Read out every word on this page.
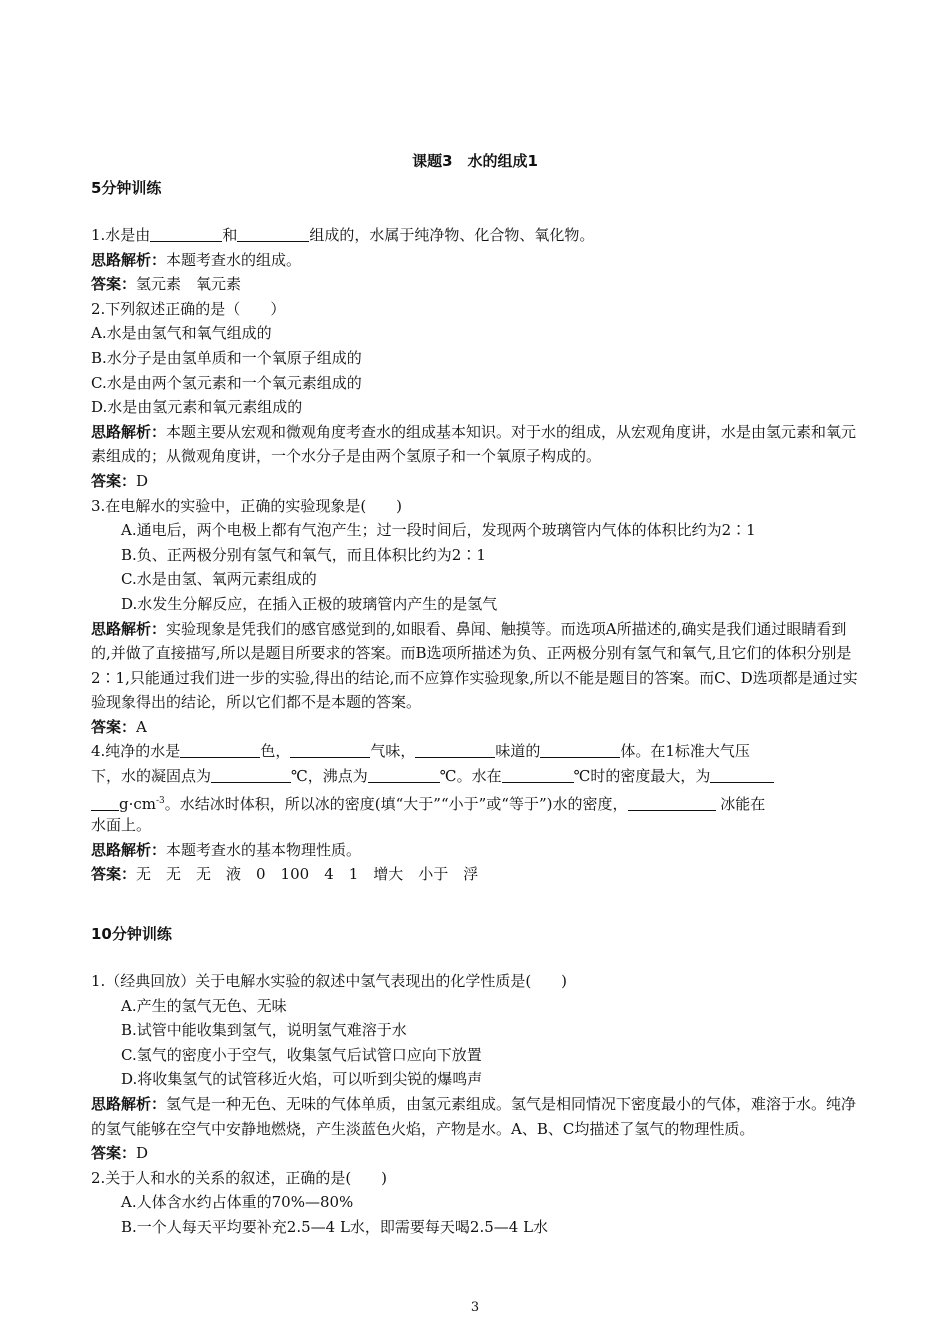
课题3　水的组成1
5分钟训练
1.水是由	和	组成的，水属于纯净物、化合物、氧化物。
思路解析：本题考查水的组成。
答案：氢元素　氧元素
2.下列叙述正确的是（　　）
A.水是由氢气和氧气组成的
B.水分子是由氢单质和一个氧原子组成的
C.水是由两个氢元素和一个氧元素组成的
D.水是由氢元素和氧元素组成的
思路解析：本题主要从宏观和微观角度考查水的组成基本知识。对于水的组成，从宏观角度讲，水是由氢元素和氧元素组成的；从微观角度讲，一个水分子是由两个氢原子和一个氧原子构成的。
答案：D
3.在电解水的实验中，正确的实验现象是(　　)
A.通电后，两个电极上都有气泡产生；过一段时间后，发现两个玻璃管内气体的体积比约为2∶1
B.负、正两极分别有氢气和氧气，而且体积比约为2∶1
C.水是由氢、氧两元素组成的
D.水发生分解反应，在插入正极的玻璃管内产生的是氢气
思路解析：实验现象是凭我们的感官感觉到的,如眼看、鼻闻、触摸等。而选项A所描述的,确实是我们通过眼睛看到的,并做了直接描写,所以是题目所要求的答案。而B选项所描述为负、正两极分别有氢气和氧气,且它们的体积分别是2∶1,只能通过我们进一步的实验,得出的结论,而不应算作实验现象,所以不能是题目的答案。而C、D选项都是通过实验现象得出的结论，所以它们都不是本题的答案。
答案：A
4.纯净的水是	色，	气味，	味道的	体。在1标准大气压
下，水的凝固点为	℃，沸点为	℃。水在	℃时的密度最大，为
$g\cdot cm^{-3}$。水结冰时体积，所以冰的密度(填“大于”“小于”或“等于”)水的密度，	冰能在
水面上。
思路解析：本题考查水的基本物理性质。
答案：无　无　无　液　0　100　4　1　增大　小于　浮
10分钟训练
1.（经典回放）关于电解水实验的叙述中氢气表现出的化学性质是(　　)
A.产生的氢气无色、无味
B.试管中能收集到氢气，说明氢气难溶于水
C.氢气的密度小于空气，收集氢气后试管口应向下放置
D.将收集氢气的试管移近火焰，可以听到尖锐的爆鸣声
思路解析：氢气是一种无色、无味的气体单质，由氢元素组成。氢气是相同情况下密度最小的气体，难溶于水。纯净的氢气能够在空气中安静地燃烧，产生淡蓝色火焰，产物是水。A、B、C均描述了氢气的物理性质。
答案：D
2.关于人和水的关系的叙述，正确的是(　　)
A.人体含水约占体重的70%—80%
B.一个人每天平均要补充2.5—4 L水，即需要每天喝2.5—4 L水
3
